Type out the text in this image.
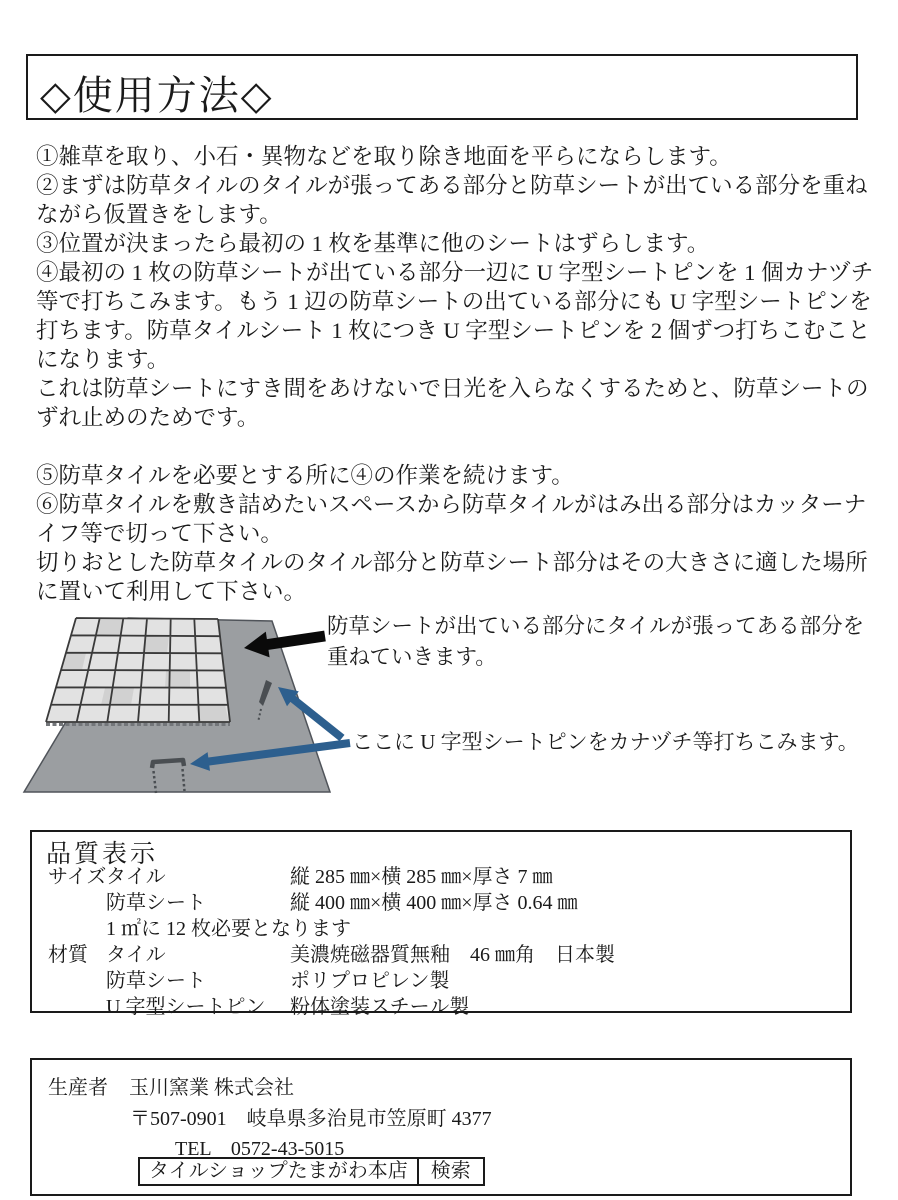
◇使用方法◇
①雑草を取り、小石・異物などを取り除き地面を平らにならします。
②まずは防草タイルのタイルが張ってある部分と防草シートが出ている部分を重ね
ながら仮置きをします。
③位置が決まったら最初の 1 枚を基準に他のシートはずらします。
④最初の 1 枚の防草シートが出ている部分一辺に U 字型シートピンを 1 個カナヅチ
等で打ちこみます。もう 1 辺の防草シートの出ている部分にも U 字型シートピンを
打ちます。防草タイルシート 1 枚につき U 字型シートピンを 2 個ずつ打ちこむこと
になります。
これは防草シートにすき間をあけないで日光を入らなくするためと、防草シートの
ずれ止めのためです。
⑤防草タイルを必要とする所に④の作業を続けます。
⑥防草タイルを敷き詰めたいスペースから防草タイルがはみ出る部分はカッターナ
イフ等で切って下さい。
切りおとした防草タイルのタイル部分と防草シート部分はその大きさに適した場所
に置いて利用して下さい。
防草シートが出ている部分にタイルが張ってある部分を
重ねていきます。
ここに U 字型シートピンをカナヅチ等打ちこみます。
品質表示
サイズ タイル	縦 285 ㎜×横 285 ㎜×厚さ 7 ㎜
防草シート	縦 400 ㎜×横 400 ㎜×厚さ 0.64 ㎜
1 ㎡に 12 枚必要となります
材質 タイル	美濃焼磁器質無釉　46 ㎜角　日本製
防草シート	ポリプロピレン製
U 字型シートピン 粉体塗装スチール製
生産者 玉川窯業 株式会社
〒507-0901　岐阜県多治見市笠原町 4377
TEL　0572-43-5015
タイルショップたまがわ本店	検索
